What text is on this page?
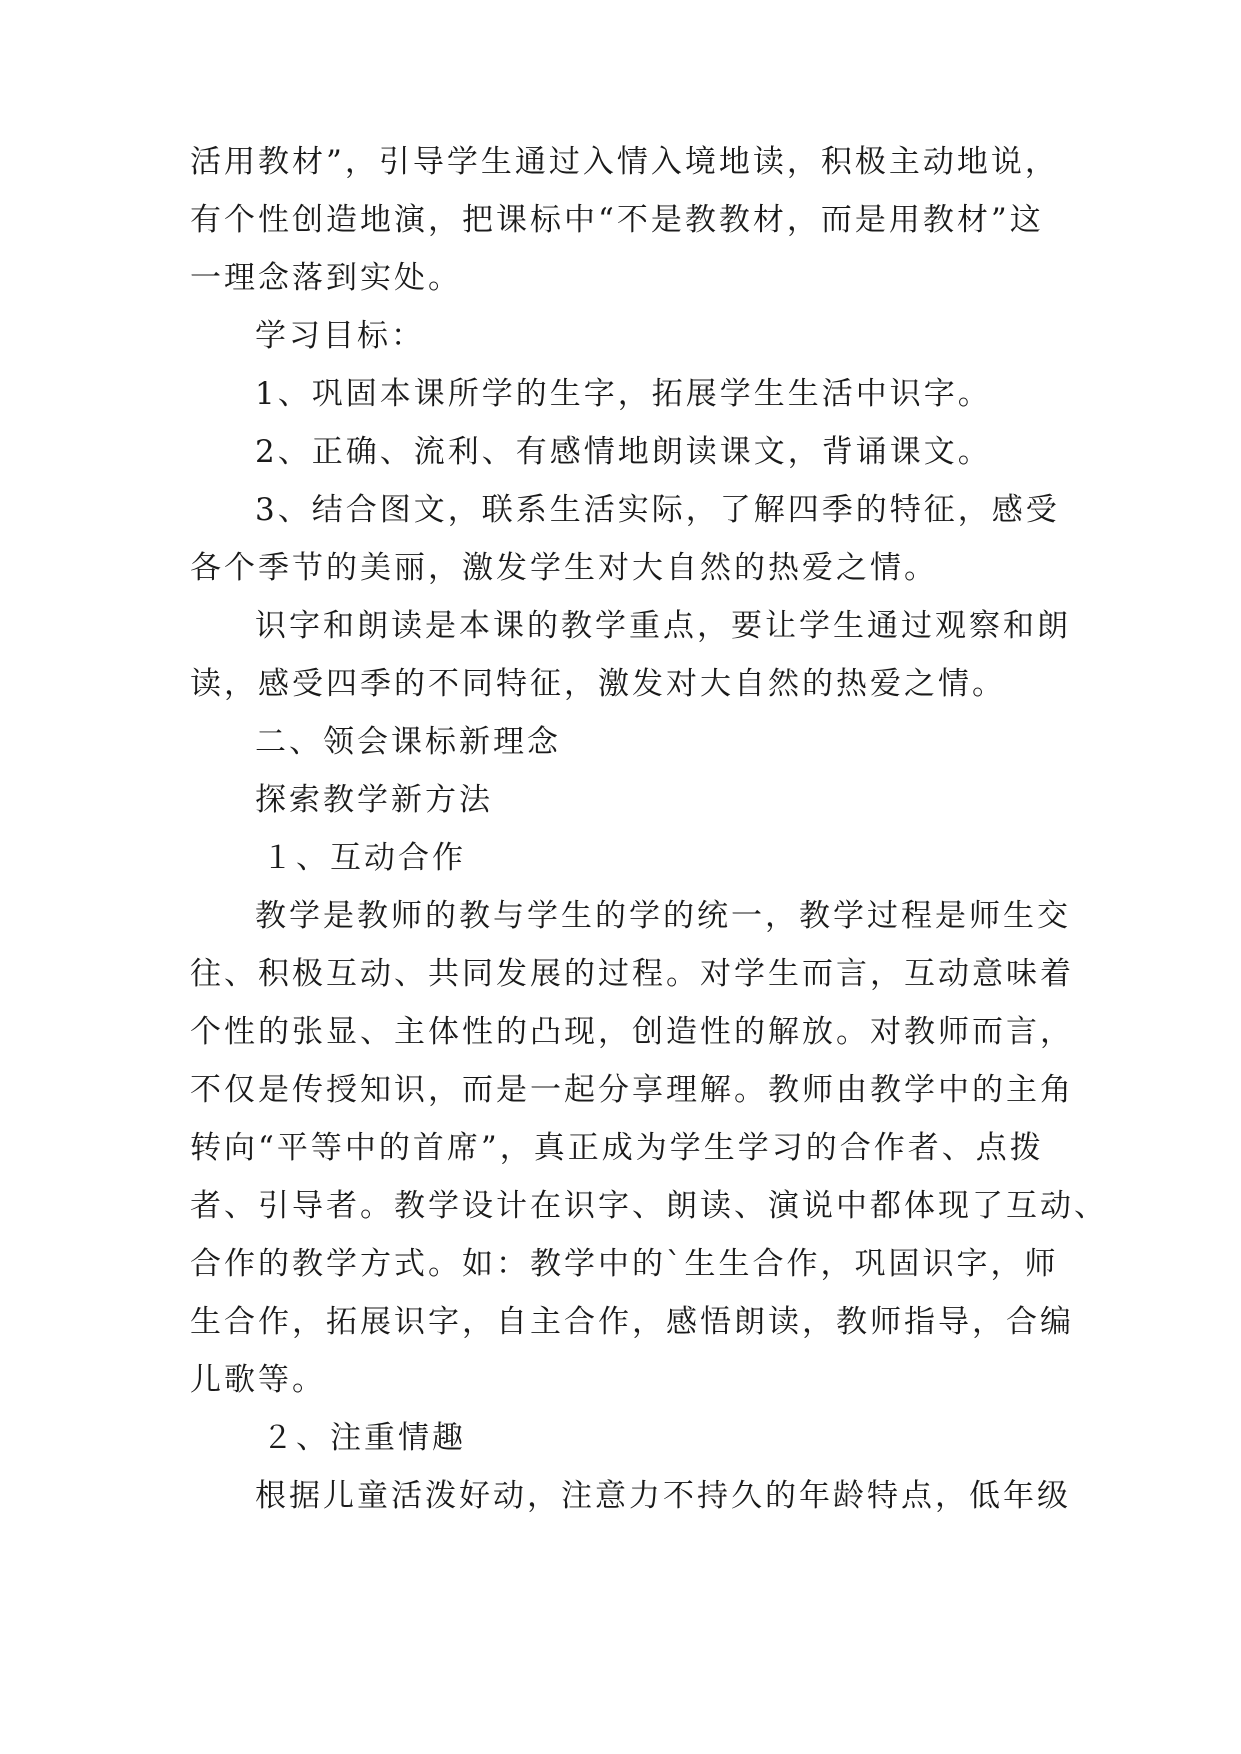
活用教材”，引导学生通过入情入境地读，积极主动地说，
有个性创造地演，把课标中“不是教教材，而是用教材”这
一理念落到实处。
学习目标：
1、巩固本课所学的生字，拓展学生生活中识字。
2、正确、流利、有感情地朗读课文，背诵课文。
3、结合图文，联系生活实际，了解四季的特征，感受
各个季节的美丽，激发学生对大自然的热爱之情。
识字和朗读是本课的教学重点，要让学生通过观察和朗
读，感受四季的不同特征，激发对大自然的热爱之情。
二、领会课标新理念
探索教学新方法
１、互动合作
教学是教师的教与学生的学的统一，教学过程是师生交
往、积极互动、共同发展的过程。对学生而言，互动意味着
个性的张显、主体性的凸现，创造性的解放。对教师而言，
不仅是传授知识，而是一起分享理解。教师由教学中的主角
转向“平等中的首席”，真正成为学生学习的合作者、点拨
者、引导者。教学设计在识字、朗读、演说中都体现了互动、
合作的教学方式。如：教学中的`生生合作，巩固识字，师
生合作，拓展识字，自主合作，感悟朗读，教师指导，合编
儿歌等。
２、注重情趣
根据儿童活泼好动，注意力不持久的年龄特点，低年级
